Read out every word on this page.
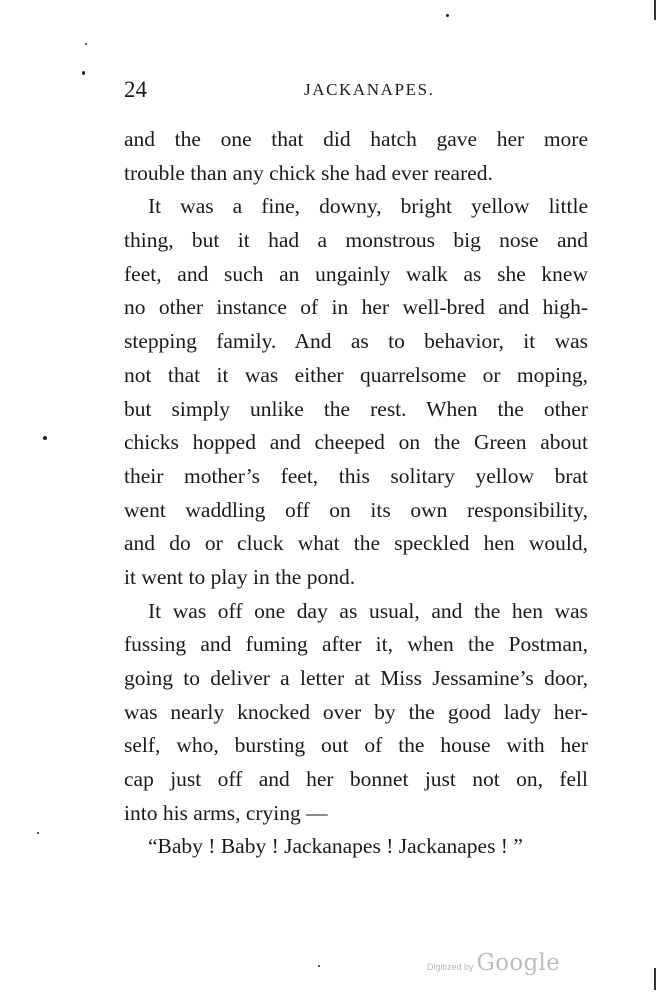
24	JACKANAPES.
and the one that did hatch gave her more
trouble than any chick she had ever reared.
It was a fine, downy, bright yellow little
thing, but it had a monstrous big nose and
feet, and such an ungainly walk as she knew
no other instance of in her well-bred and high-
stepping family. And as to behavior, it was
not that it was either quarrelsome or moping,
but simply unlike the rest. When the other
chicks hopped and cheeped on the Green about
their mother’s feet, this solitary yellow brat
went waddling off on its own responsibility,
and do or cluck what the speckled hen would,
it went to play in the pond.
It was off one day as usual, and the hen was
fussing and fuming after it, when the Postman,
going to deliver a letter at Miss Jessamine’s door,
was nearly knocked over by the good lady her-
self, who, bursting out of the house with her
cap just off and her bonnet just not on, fell
into his arms, crying —
“Baby ! Baby ! Jackanapes ! Jackanapes ! ”
Digitized by Google
